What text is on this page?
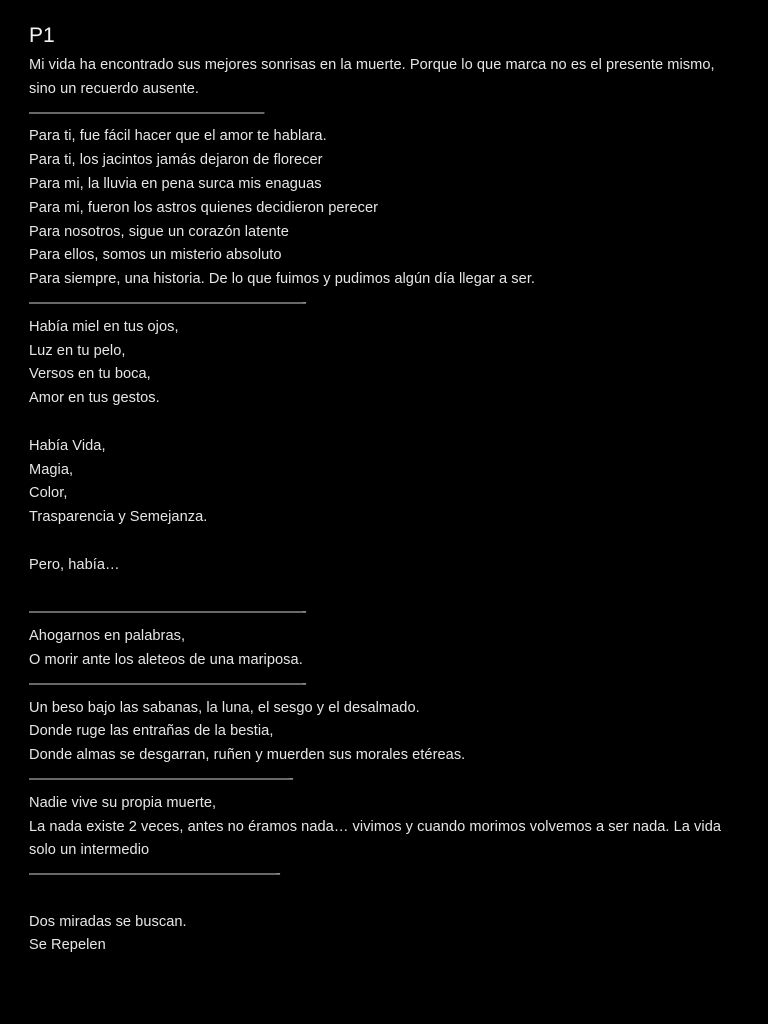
P1
Mi vida ha encontrado sus mejores sonrisas en la muerte. Porque lo que marca no es el presente mismo, sino un recuerdo ausente.
——————————————————
Para ti, fue fácil hacer que el amor te hablara.
Para ti, los jacintos jamás dejaron de florecer
Para mi, la lluvia en pena surca mis enaguas
Para mi, fueron los astros quienes decidieron perecer
Para nosotros, sigue un corazón latente
Para ellos, somos un misterio absoluto
Para siempre, una historia. De lo que fuimos y pudimos algún día llegar a ser.
—————————————————————-
Había miel en tus ojos,
Luz en tu pelo,
Versos en tu boca,
Amor en tus gestos.
Había Vida,
Magia,
Color,
Trasparencia y Semejanza.
Pero, había…
—————————————————————-
Ahogarnos en palabras,
O morir ante los aleteos de una mariposa.
—————————————————————-
Un beso bajo las sabanas, la luna, el sesgo y el desalmado.
Donde ruge las entrañas de la bestia,
Donde almas se desgarran, ruñen y muerden sus morales etéreas.
————————————————————-
Nadie vive su propia muerte,
La nada existe 2 veces, antes no éramos nada… vivimos y cuando morimos volvemos a ser nada. La vida solo un intermedio
———————————————————-
Dos miradas se buscan.
Se Repelen
